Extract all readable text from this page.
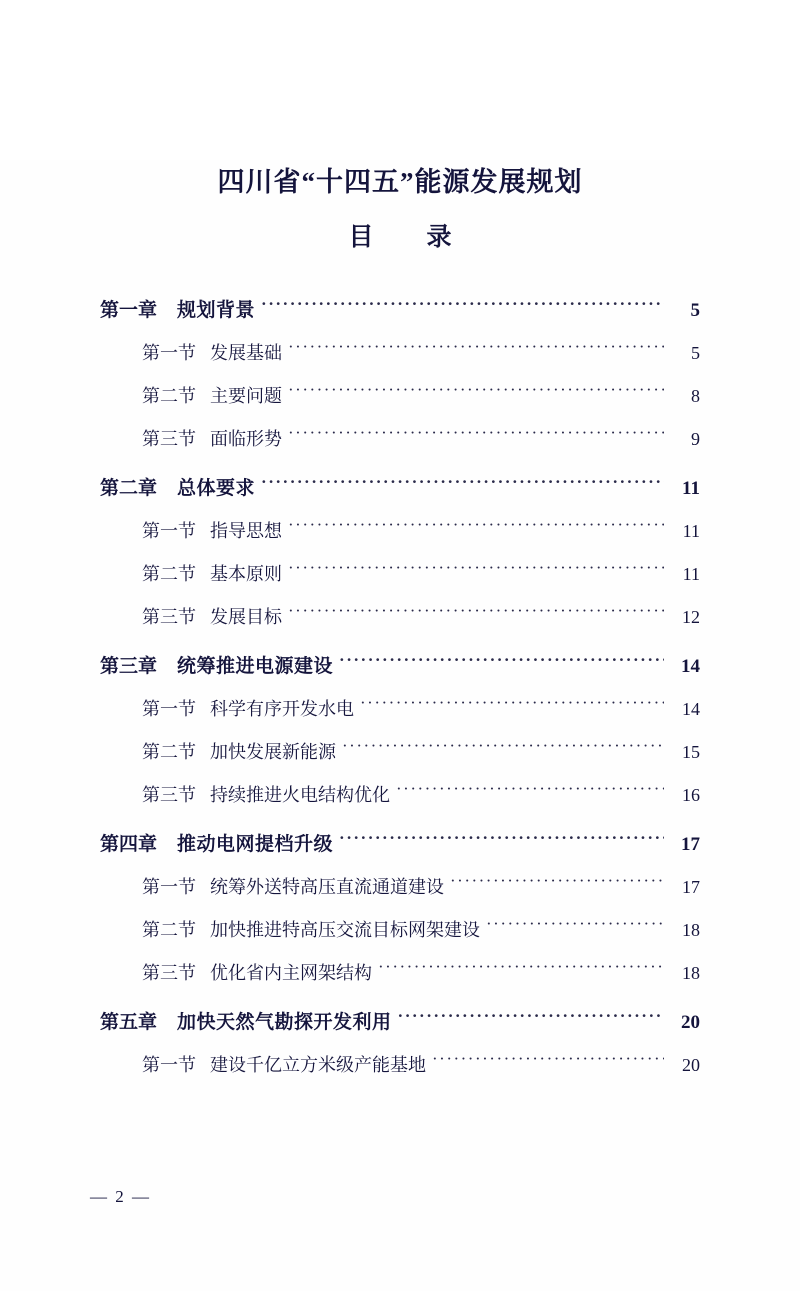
四川省“十四五”能源发展规划
目　录
第一章 规划背景 ·····	5
第一节 发展基础 ·····	5
第二节 主要问题 ·····	8
第三节 面临形势 ·····	9
第二章 总体要求 ·····	11
第一节 指导思想 ·····	11
第二节 基本原则 ·····	11
第三节 发展目标 ·····	12
第三章 统筹推进电源建设 ·····	14
第一节 科学有序开发水电 ·····	14
第二节 加快发展新能源 ·····	15
第三节 持续推进火电结构优化 ·····	16
第四章 推动电网提档升级 ·····	17
第一节 统筹外送特高压直流通道建设 ·····	17
第二节 加快推进特高压交流目标网架建设 ·····	18
第三节 优化省内主网架结构 ·····	18
第五章 加快天然气勘探开发利用 ·····	20
第一节 建设千亿立方米级产能基地 ·····	20
— 2 —
